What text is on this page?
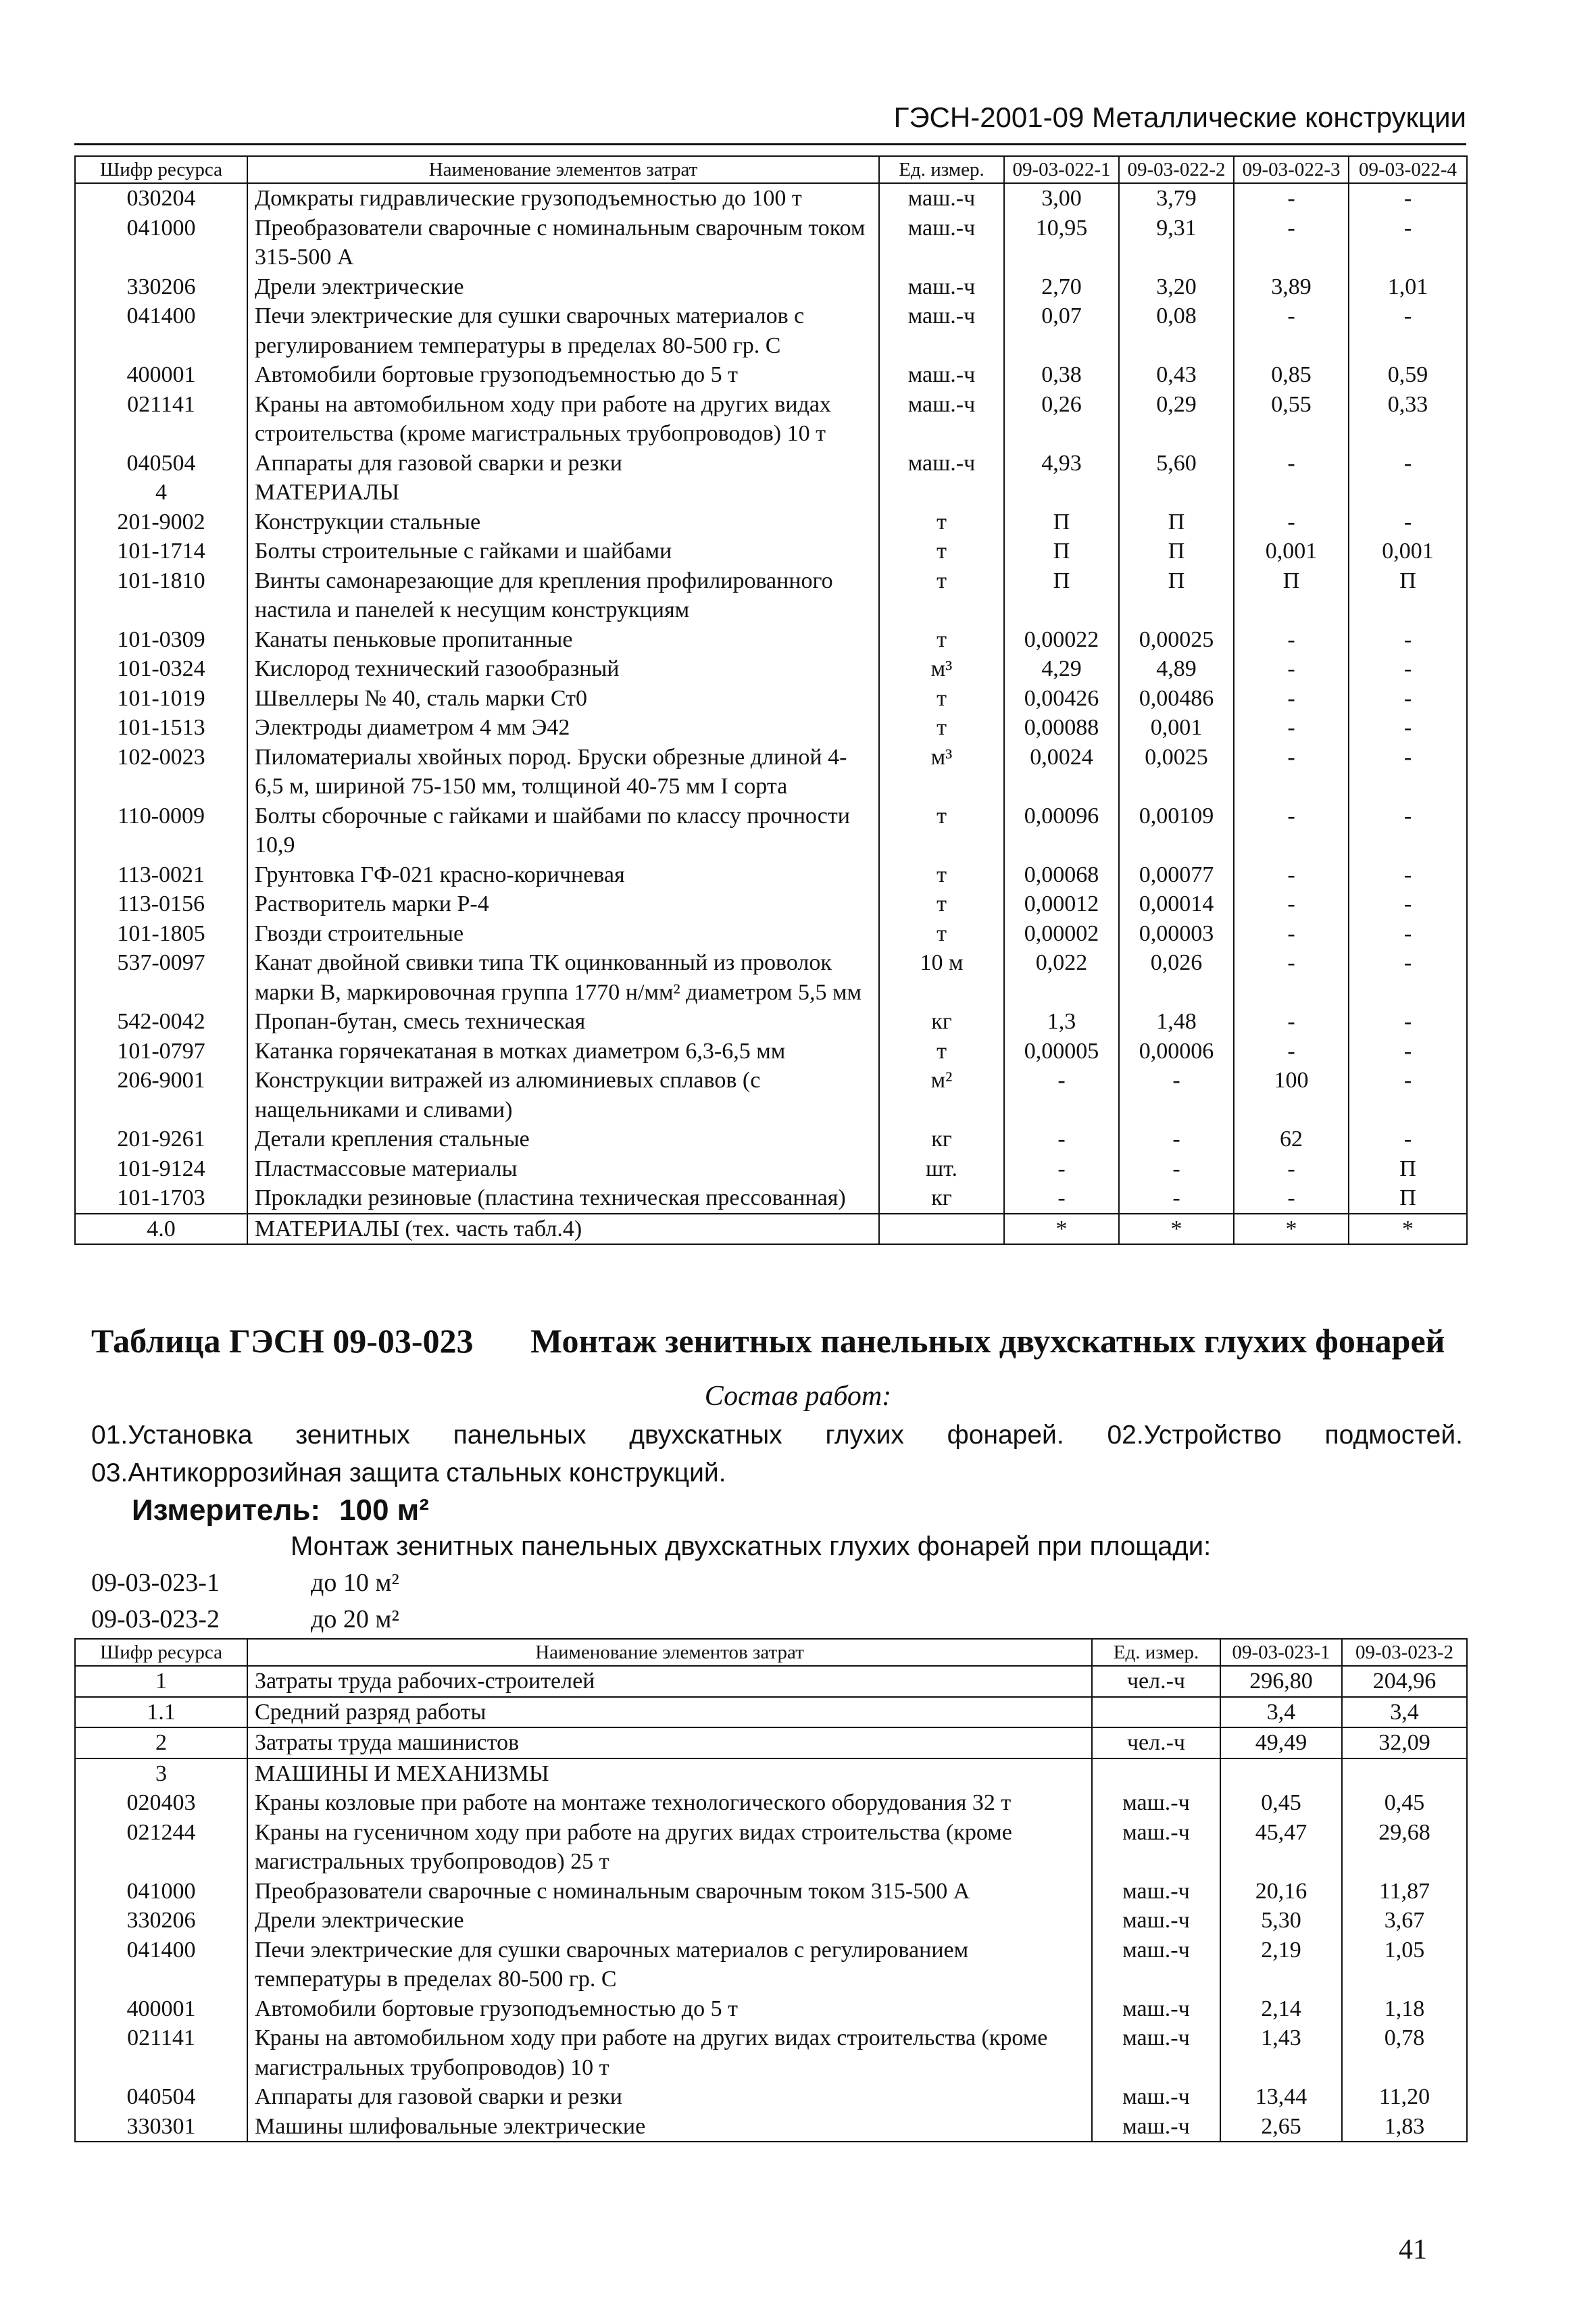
ГЭСН-2001-09 Металлические конструкции
Шифр ресурса	Наименование элементов затрат	Ед. измер.	09-03-022-1	09-03-022-2	09-03-022-3	09-03-022-4
030204	Домкраты гидравлические грузоподъемностью до 100 т	маш.-ч	3,00	3,79	-	-
041000	Преобразователи сварочные с номинальным сварочным током 315-500 А	маш.-ч	10,95	9,31	-	-
330206	Дрели электрические	маш.-ч	2,70	3,20	3,89	1,01
041400	Печи электрические для сушки сварочных материалов с регулированием температуры в пределах 80-500 гр. С	маш.-ч	0,07	0,08	-	-
400001	Автомобили бортовые грузоподъемностью до 5 т	маш.-ч	0,38	0,43	0,85	0,59
021141	Краны на автомобильном ходу при работе на других видах строительства (кроме магистральных трубопроводов) 10 т	маш.-ч	0,26	0,29	0,55	0,33
040504	Аппараты для газовой сварки и резки	маш.-ч	4,93	5,60	-	-
4	МАТЕРИАЛЫ					
201-9002	Конструкции стальные	т	П	П	-	-
101-1714	Болты строительные с гайками и шайбами	т	П	П	0,001	0,001
101-1810	Винты самонарезающие для крепления профилированного настила и панелей к несущим конструкциям	т	П	П	П	П
101-0309	Канаты пеньковые пропитанные	т	0,00022	0,00025	-	-
101-0324	Кислород технический газообразный	м³	4,29	4,89	-	-
101-1019	Швеллеры № 40, сталь марки Ст0	т	0,00426	0,00486	-	-
101-1513	Электроды диаметром 4 мм Э42	т	0,00088	0,001	-	-
102-0023	Пиломатериалы хвойных пород. Бруски обрезные длиной 4-6,5 м, шириной 75-150 мм, толщиной 40-75 мм I сорта	м³	0,0024	0,0025	-	-
110-0009	Болты сборочные с гайками и шайбами по классу прочности 10,9	т	0,00096	0,00109	-	-
113-0021	Грунтовка ГФ-021 красно-коричневая	т	0,00068	0,00077	-	-
113-0156	Растворитель марки Р-4	т	0,00012	0,00014	-	-
101-1805	Гвозди строительные	т	0,00002	0,00003	-	-
537-0097	Канат двойной свивки типа ТК оцинкованный из проволок марки В, маркировочная группа 1770 н/мм² диаметром 5,5 мм	10 м	0,022	0,026	-	-
542-0042	Пропан-бутан, смесь техническая	кг	1,3	1,48	-	-
101-0797	Катанка горячекатаная в мотках диаметром 6,3-6,5 мм	т	0,00005	0,00006	-	-
206-9001	Конструкции витражей из алюминиевых сплавов (с нащельниками и сливами)	м²	-	-	100	-
201-9261	Детали крепления стальные	кг	-	-	62	-
101-9124	Пластмассовые материалы	шт.	-	-	-	П
101-1703	Прокладки резиновые (пластина техническая прессованная)	кг	-	-	-	П
4.0	МАТЕРИАЛЫ (тех. часть табл.4)		*	*	*	*
Таблица ГЭСН 09-03-023 Монтаж зенитных панельных двухскатных глухих фонарей
Состав работ:
01.Установка зенитных панельных двухскатных глухих фонарей. 02.Устройство подмостей.
03.Антикоррозийная защита стальных конструкций.
Измеритель: 100 м²
Монтаж зенитных панельных двухскатных глухих фонарей при площади:
09-03-023-1	до 10 м²
09-03-023-2	до 20 м²
Шифр ресурса	Наименование элементов затрат	Ед. измер.	09-03-023-1	09-03-023-2
1	Затраты труда рабочих-строителей	чел.-ч	296,80	204,96
1.1	Средний разряд работы		3,4	3,4
2	Затраты труда машинистов	чел.-ч	49,49	32,09
3	МАШИНЫ И МЕХАНИЗМЫ			
020403	Краны козловые при работе на монтаже технологического оборудования 32 т	маш.-ч	0,45	0,45
021244	Краны на гусеничном ходу при работе на других видах строительства (кроме магистральных трубопроводов) 25 т	маш.-ч	45,47	29,68
041000	Преобразователи сварочные с номинальным сварочным током 315-500 А	маш.-ч	20,16	11,87
330206	Дрели электрические	маш.-ч	5,30	3,67
041400	Печи электрические для сушки сварочных материалов с регулированием температуры в пределах 80-500 гр. С	маш.-ч	2,19	1,05
400001	Автомобили бортовые грузоподъемностью до 5 т	маш.-ч	2,14	1,18
021141	Краны на автомобильном ходу при работе на других видах строительства (кроме магистральных трубопроводов) 10 т	маш.-ч	1,43	0,78
040504	Аппараты для газовой сварки и резки	маш.-ч	13,44	11,20
330301	Машины шлифовальные электрические	маш.-ч	2,65	1,83
41
